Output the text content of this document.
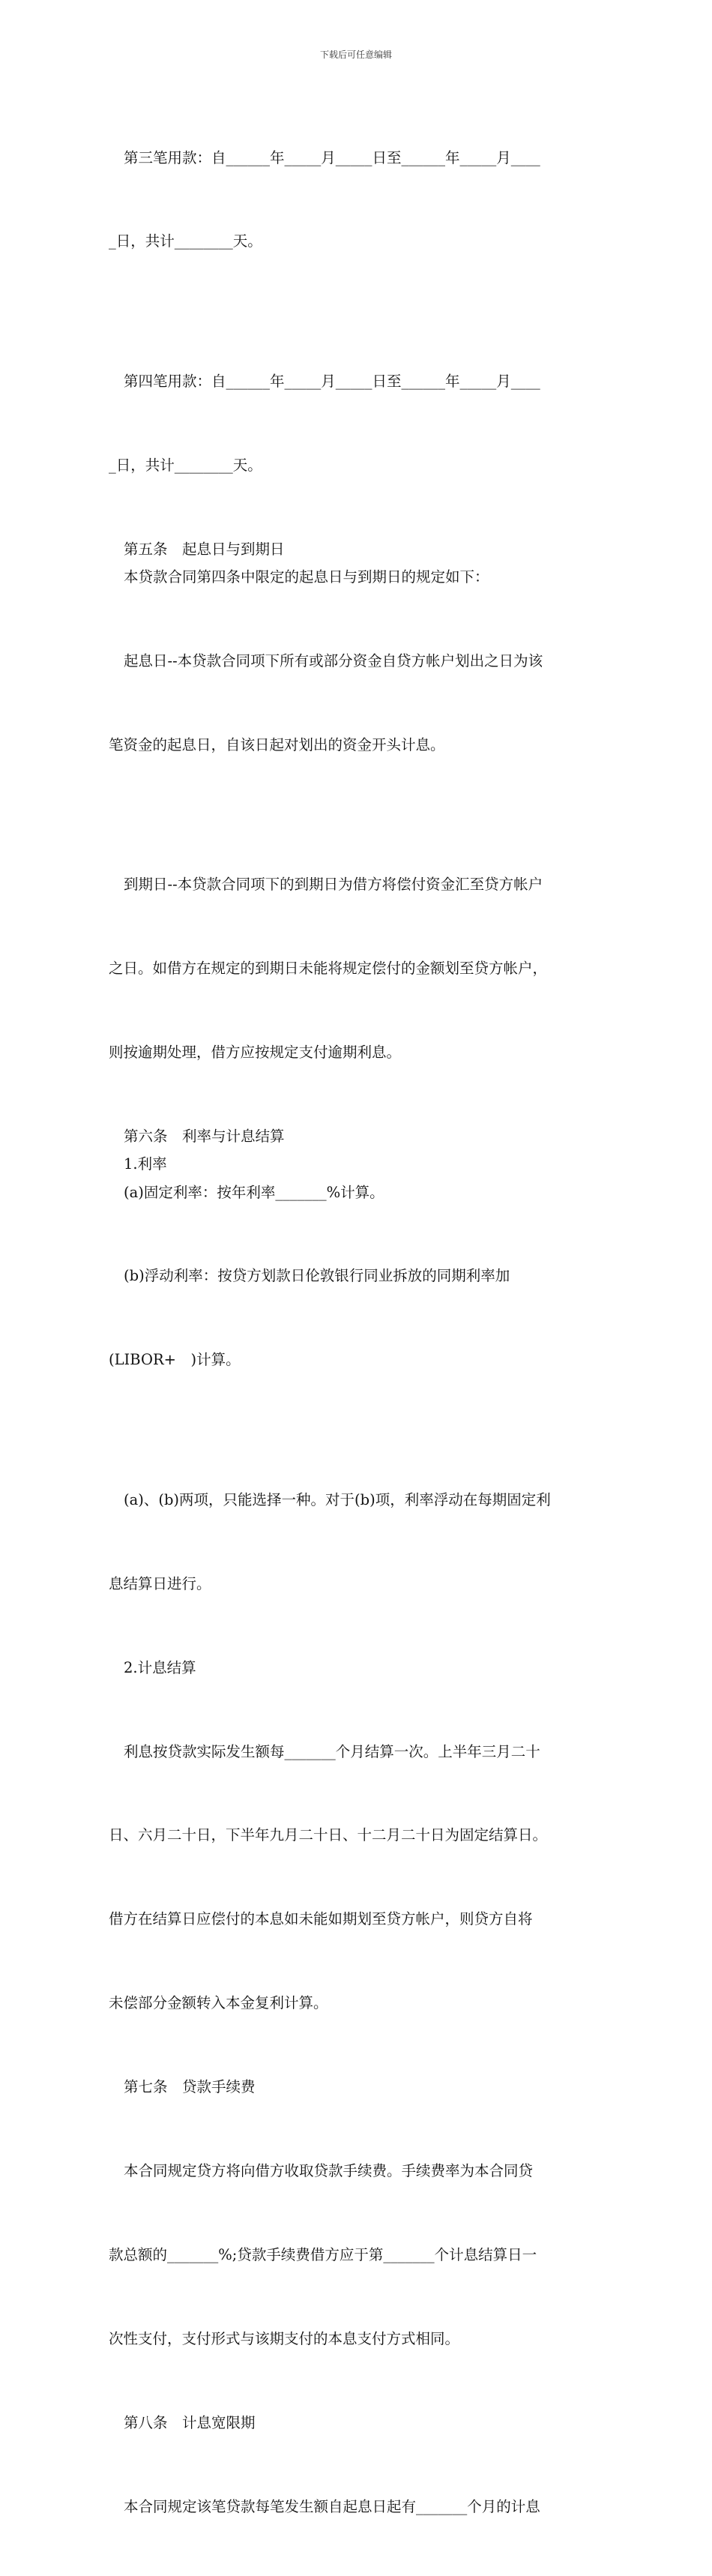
下载后可任意编辑

第三笔用款：自______年_____月_____日至______年_____月____

_日，共计________天。

第四笔用款：自______年_____月_____日至______年_____月____

_日，共计________天。

第五条　起息日与到期日
本贷款合同第四条中限定的起息日与到期日的规定如下：

起息日--本贷款合同项下所有或部分资金自贷方帐户划出之日为该

笔资金的起息日，自该日起对划出的资金开头计息。

到期日--本贷款合同项下的到期日为借方将偿付资金汇至贷方帐户

之日。如借方在规定的到期日未能将规定偿付的金额划至贷方帐户，

则按逾期处理，借方应按规定支付逾期利息。

第六条　利率与计息结算
1.利率
(a)固定利率：按年利率_______%计算。

(b)浮动利率：按贷方划款日伦敦银行同业拆放的同期利率加

(LIBOR+　)计算。

(a)、(b)两项，只能选择一种。对于(b)项，利率浮动在每期固定利

息结算日进行。

2.计息结算

利息按贷款实际发生额每_______个月结算一次。上半年三月二十

日、六月二十日，下半年九月二十日、十二月二十日为固定结算日。

借方在结算日应偿付的本息如未能如期划至贷方帐户，则贷方自将

未偿部分金额转入本金复利计算。

第七条　贷款手续费

本合同规定贷方将向借方收取贷款手续费。手续费率为本合同贷

款总额的_______%;贷款手续费借方应于第_______个计息结算日一

次性支付，支付形式与该期支付的本息支付方式相同。

第八条　计息宽限期

本合同规定该笔贷款每笔发生额自起息日起有_______个月的计息
